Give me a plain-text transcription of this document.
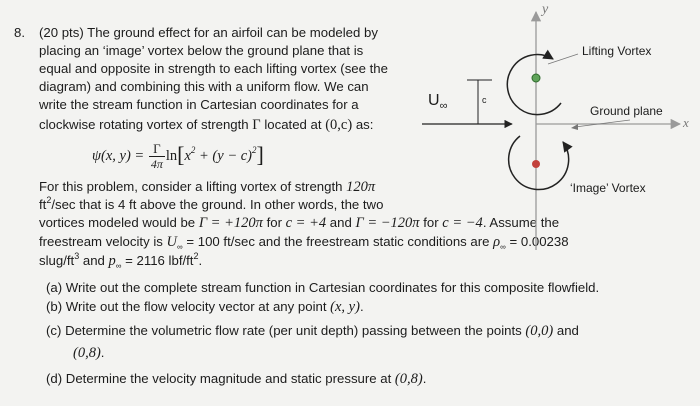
8. (20 pts) The ground effect for an airfoil can be modeled by
placing an ‘image’ vortex below the ground plane that is
equal and opposite in strength to each lifting vortex (see the
diagram) and combining this with a uniform flow. We can
write the stream function in Cartesian coordinates for a
clockwise rotating vortex of strength Γ located at (0,c) as:
ψ(x, $y) = \frac{\Gamma}{4\pi} \ln[x^2 + (y - c)^2]$
For this problem, consider a lifting vortex of strength 120π
$ft^2/\sec$ that is 4 ft above the ground. In other words, the two
vortices modeled would be Γ = +120π for c = +4 and Γ = −120π for c = −4. Assume the
freestream velocity is $U_\infty = 100$ ft/sec and the freestream static conditions are $\rho_\infty = 0.00238$
slug/$ft^3$ and $p_\infty = 2116$ lbf/$ft^2$.
(a) Write out the complete stream function in Cartesian coordinates for this composite flowfield.
(b) Write out the flow velocity vector at any point (x, y).
(c) Determine the volumetric flow rate (per unit depth) passing between the points (0,0) and
(0,8).
(d) Determine the velocity magnitude and static pressure at (0,8).
y
x
Lifting Vortex
Ground plane
‘Image’ Vortex
$U_\infty$
c
